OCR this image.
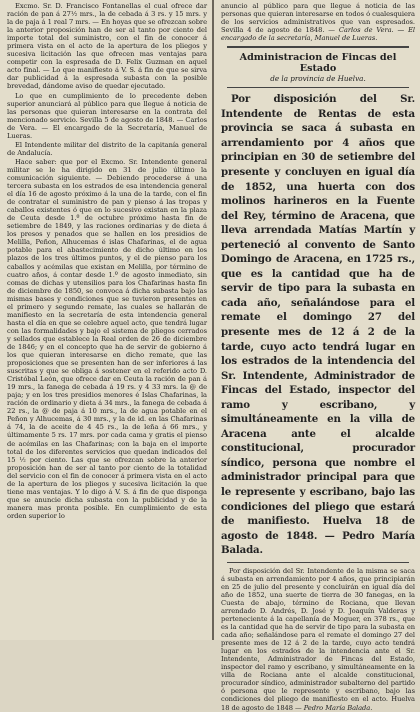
Excmo. Sr. D. Francisco Fontanellas el cual ofrece dar ración de pan á 27½ mrs., la de cebada á 3 rs. y 15 mrs. y la de paja á 1 real 7 mrs. — En hoyas que se ofrezcan sobre la anterior proposición han de ser al tanto por ciento del importe total del suministro, con el fin de conocer á primera vista en el acto de la apertura de los pliegos y sucesiva licitación las que ofrecen mas ventajas para competir con la espresada de D. Felix Guzman en aquel acto final. — Lo que manifiesto á V. S. á fin de que se sirva dar publicidad á la espresada subasta con la posible brevedad, dándome aviso de quedar ejecutado.

Lo que en cumplimiento de lo precedente deben superior anunciará al público para que llegue á noticia de las personas que quieran interesarse en la contrata del mencionado servicio. Sevilla 5 de agosto de 1848. — Carlos de Vera. — El encargado de la Secretaría, Manuel de Lueras.

El Intendente militar del distrito de la capitanía general de Andalucía.

Hace saber: que por el Excmo. Sr. Intendente general militar se le ha dirigido en 31 de julio último la comunicación siguiente. — Debiendo procederse á una tercera subasta en los estrados de esa intendencia general el día 16 de agosto próximo á la una de la tarde, con el fin de contratar el suministro de pan y pienso á las tropas y caballos existentes ó que en lo sucesivo existan en la plaza de Ceuta desde 1.º de octubre próximo hasta fin de setiembre de 1849, y las raciones ordinarias y de dieta á los presos y penados que se hallen en los presidios de Melilla, Peñon, Alhucemas é islas Chafarinas, el de agua potable para el abastecimiento de dicho último en los plazos de los tres últimos puntos, y el de pienso para los caballos y acémilas que existan en Melilla, por término de cuatro años, á contar desde 1.º de agosto inmediato, sin comas de dichas y utensilios para los Chafarinas hasta fin de diciembre de 1850, se convoca á dicha subasta bajo las mismas bases y condiciones que se tuvieron presentes en el primero y segundo remate, las cuales se hallarán de manifiesto en la secretaría de esta intendencia general hasta el día en que se celebre aquel acto, que tendrá lugar con las formalidades y bajo el sistema de pliegos cerrados y sellados que establece la Real orden de 26 de diciembre de 1846; y en el concepto que ha de servir de gobierno á los que quieran interesarse en dicho remate, que las proposiciones que se presenten han de ser inferiores á las suscritas y que se obliga á sostener en el referido acto D. Cristóbal León, que ofrece dar en Ceuta la ración de pan á 19 mrs., la fanega de cebada á 19 rs. y 4 33 mrs. la @ de paja; y en los tres presidios menores é Islas Chafarinas, la ración de ordinario y dieta á 34 mrs., la fanega de cebada á 22 rs., la @ de paja á 10 mrs., la de agua potable en el Peñon y Alhucemas, á 30 mrs., y la de id. en las Chafarinas á 74, la de aceite de 4 45 rs., la de leña á 66 mrs., y últimamente 5 rs. 17 mrs. por cada cama y gratis el pienso de acémilas en las Chafarinas; con la baja en el importe total de los diferentes servicios que quedan indicados del 15 ½ por ciento. Las que se ofrezcan sobre la anterior proposición han de ser al tanto por ciento de la totalidad del servicio con el fin de conocer á primera vista en el acto de la apertura de los pliegos y sucesiva licitación la que tiene mas ventajas. Y lo digo á V. S. á fin de que disponga que se anuncie dicha subasta con la publicidad y de la manera mas pronta posible. En cumplimiento de esta orden superior lo

anuncio al público para que llegue á noticia de las personas que quieran interesarse en todos ó cualesquiera de los servicios administrativos que van espresados. Sevilla 4 de agosto de 1848. — Carlos de Vera. — El encargado de la secretaría, Manuel de Lueras.

Administracion de Fincas del Estado
de la provincia de Huelva.

Por disposición del Sr. Intendente de Rentas de esta provincia se saca á subasta en arrendamiento por 4 años que principian en 30 de setiembre del presente y concluyen en igual día de 1852, una huerta con dos molinos harineros en la Fuente del Rey, término de Aracena, que lleva arrendada Matías Martín y perteneció al convento de Santo Domingo de Aracena, en 1725 rs., que es la cantidad que ha de servir de tipo para la subasta en cada año, señalándose para el remate el domingo 27 del presente mes de 12 á 2 de la tarde, cuyo acto tendrá lugar en los estrados de la intendencia del Sr. Intendente, Administrador de Fincas del Estado, inspector del ramo y escribano, y simultáneamente en la villa de Aracena ante el alcalde constitucional, procurador síndico, persona que nombre el administrador principal para que le represente y escribano, bajo las condiciones del pliego que estará de manifiesto. Huelva 18 de agosto de 1848. — Pedro María Balada.

Por disposición del Sr. Intendente de la misma se saca á subasta en arrendamiento por 4 años, que principiarán en 25 de julio del presente y concluirán en igual día del año de 1852, una suerte de tierra de 30 fanegas, en la Cuesta de abajo, término de Rociana, que llevan arrendado D. Andrés, D. José y D. Joaquín Valderas y perteneciente á la capellanía de Moguer, en 378 rs., que es la cantidad que ha de servir de tipo para la subasta en cada año; señalándose para el remate el domingo 27 del presente mes de 12 á 2 de la tarde, cuyo acto tendrá lugar en los estrados de la intendencia ante el Sr. Intendente, Administrador de Fincas del Estado, inspector del ramo y escribano, y simultáneamente en la villa de Rociana ante el alcalde constitucional, procurador síndico, administrador subalterno del partido ó persona que le represente y escribano, bajo las condiciones del pliego de manifiesto en el acto. Huelva 18 de agosto de 1848 — Pedro María Balada.
